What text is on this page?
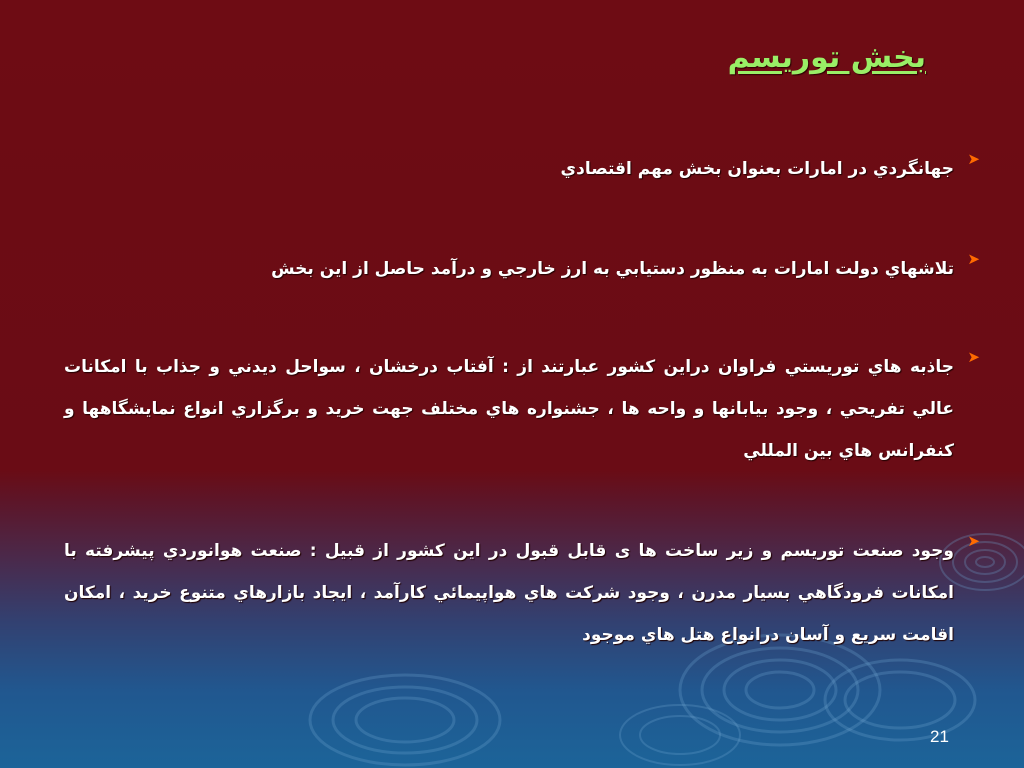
بخش توريسم
➤
جهانگردي در امارات بعنوان بخش مهم اقتصادي
➤
تلاشهاي دولت امارات به منظور دستيابي به ارز خارجي و درآمد حاصل از اين بخش
➤
جاذبه هاي توريستي فراوان دراين كشور عبارتند از : آفتاب درخشان ، سواحل ديدني و جذاب با امكانات عالي تفريحي ، وجود بيابانها و واحه ها ، جشنواره هاي مختلف جهت خريد و برگزاري انواع نمايشگاهها و كنفرانس هاي بين المللي
➤
وجود صنعت توريسم و زير ساخت ها ی قابل قبول در اين كشور از قبيل : صنعت هوانوردي پيشرفته با امكانات فرودگاهي بسيار مدرن ، وجود شركت هاي هواپيمائي كارآمد ، ايجاد بازارهاي متنوع خريد ، امكان اقامت سريع و آسان درانواع هتل هاي موجود
21
